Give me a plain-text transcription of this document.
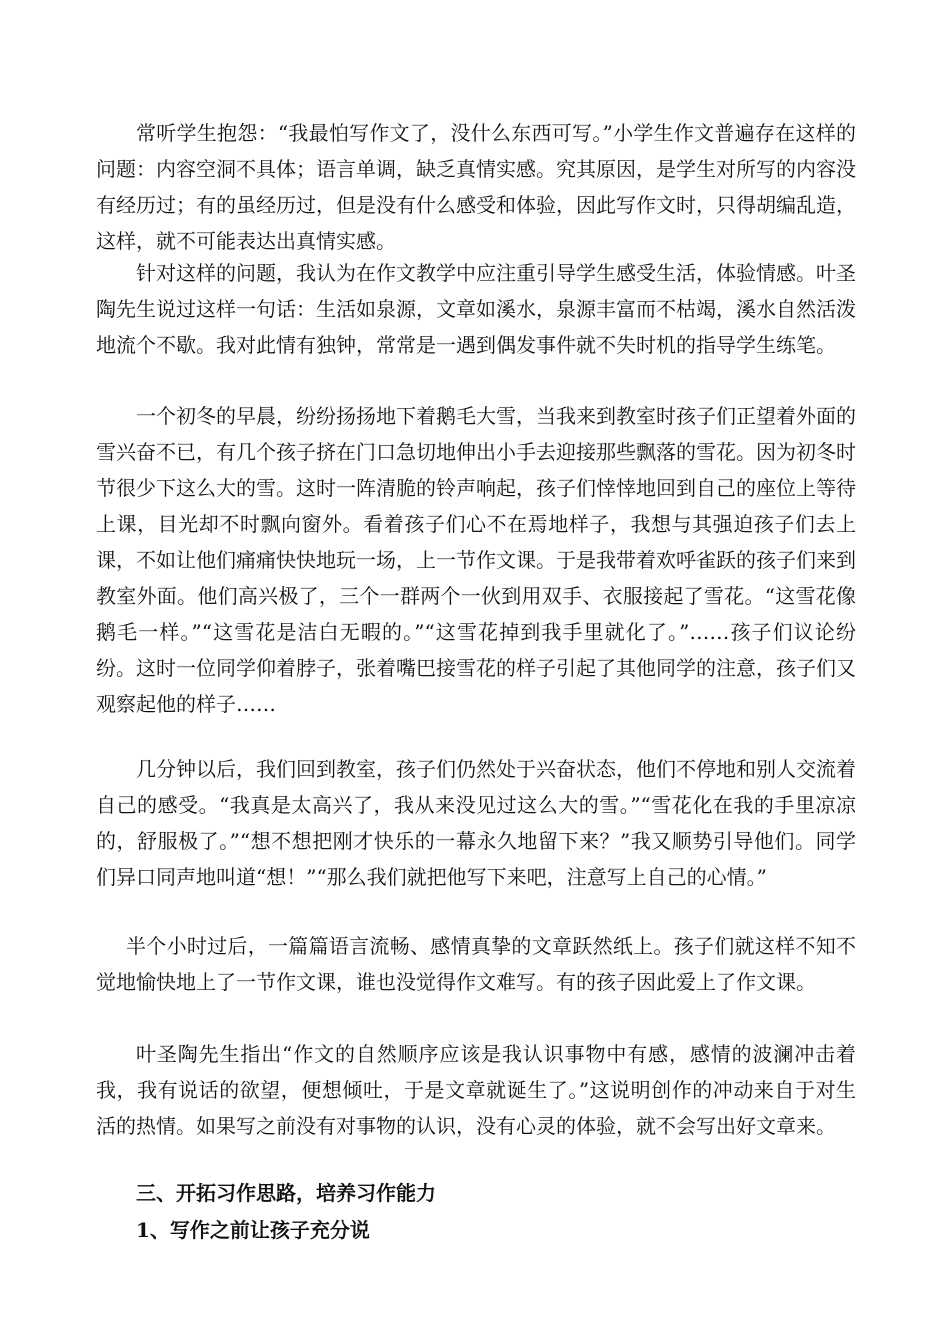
常听学生抱怨：“我最怕写作文了，没什么东西可写。”小学生作文普遍存在这样的问题：内容空洞不具体；语言单调，缺乏真情实感。究其原因，是学生对所写的内容没有经历过；有的虽经历过，但是没有什么感受和体验，因此写作文时，只得胡编乱造，这样，就不可能表达出真情实感。

针对这样的问题，我认为在作文教学中应注重引导学生感受生活，体验情感。叶圣陶先生说过这样一句话：生活如泉源，文章如溪水，泉源丰富而不枯竭，溪水自然活泼地流个不歇。我对此情有独钟，常常是一遇到偶发事件就不失时机的指导学生练笔。

一个初冬的早晨，纷纷扬扬地下着鹅毛大雪，当我来到教室时孩子们正望着外面的雪兴奋不已，有几个孩子挤在门口急切地伸出小手去迎接那些飘落的雪花。因为初冬时节很少下这么大的雪。这时一阵清脆的铃声响起，孩子们悻悻地回到自己的座位上等待上课，目光却不时飘向窗外。看着孩子们心不在焉地样子，我想与其强迫孩子们去上课，不如让他们痛痛快快地玩一场，上一节作文课。于是我带着欢呼雀跃的孩子们来到教室外面。他们高兴极了，三个一群两个一伙到用双手、衣服接起了雪花。“这雪花像鹅毛一样。”“这雪花是洁白无暇的。”“这雪花掉到我手里就化了。”……孩子们议论纷纷。这时一位同学仰着脖子，张着嘴巴接雪花的样子引起了其他同学的注意，孩子们又观察起他的样子……

几分钟以后，我们回到教室，孩子们仍然处于兴奋状态，他们不停地和别人交流着自己的感受。“我真是太高兴了，我从来没见过这么大的雪。”“雪花化在我的手里凉凉的，舒服极了。”“想不想把刚才快乐的一幕永久地留下来？”我又顺势引导他们。同学们异口同声地叫道“想！”“那么我们就把他写下来吧，注意写上自己的心情。”

半个小时过后，一篇篇语言流畅、感情真挚的文章跃然纸上。孩子们就这样不知不觉地愉快地上了一节作文课，谁也没觉得作文难写。有的孩子因此爱上了作文课。

叶圣陶先生指出“作文的自然顺序应该是我认识事物中有感，感情的波澜冲击着我，我有说话的欲望，便想倾吐，于是文章就诞生了。”这说明创作的冲动来自于对生活的热情。如果写之前没有对事物的认识，没有心灵的体验，就不会写出好文章来。

三、开拓习作思路，培养习作能力

1、写作之前让孩子充分说
